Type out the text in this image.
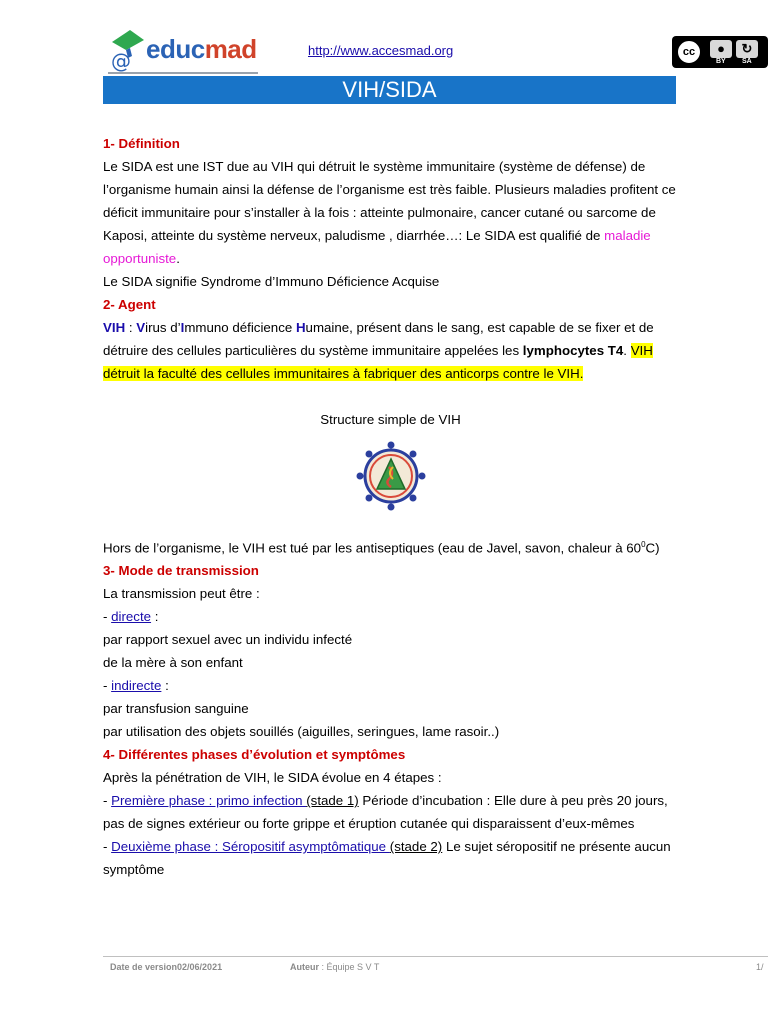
@ educmad	http://www.accesmad.org	cc	●	↻
BY SA
VIH/SIDA
1- Définition
Le SIDA est une IST due au VIH qui détruit le système immunitaire (système de défense) de l’organisme humain ainsi la défense de l’organisme est très faible. Plusieurs maladies profitent ce déficit immunitaire pour s’installer à la fois : atteinte pulmonaire, cancer cutané ou sarcome de Kaposi, atteinte du système nerveux, paludisme , diarrhée…: Le SIDA est qualifié de maladie opportuniste.
Le SIDA signifie Syndrome d’Immuno Déficience Acquise
2- Agent
VIH : Virus d’Immuno déficience Humaine, présent dans le sang, est capable de se fixer et de détruire des cellules particulières du système immunitaire appelées les lymphocytes T4. VIH détruit la faculté des cellules immunitaires à fabriquer des anticorps contre le VIH.
Structure simple de VIH
Hors de l’organisme, le VIH est tué par les antiseptiques (eau de Javel, savon, chaleur à $60^0C$)
3- Mode de transmission
La transmission peut être :
- directe :
par rapport sexuel avec un individu infecté
de la mère à son enfant
- indirecte :
par transfusion sanguine
par utilisation des objets souillés (aiguilles, seringues, lame rasoir..)
4- Différentes phases d’évolution et symptômes
Après la pénétration de VIH, le SIDA évolue en 4 étapes :
- Première phase : primo infection (stade 1) Période d’incubation : Elle dure à peu près 20 jours, pas de signes extérieur ou forte grippe et éruption cutanée qui disparaissent d’eux-mêmes
- Deuxième phase : Séropositif asymptômatique (stade 2) Le sujet séropositif ne présente aucun symptôme
Date de version02/06/2021	Auteur : Équipe S V T	1/
